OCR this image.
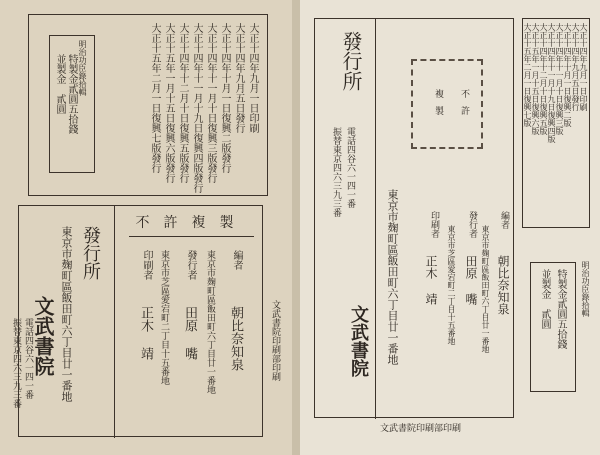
明治功臣錄拾輯
特製金貳圓五拾錢
並製金　貳圓	大正十四年九月一日印刷
大正十四年九月五日發行
大正十四年十月一日復興二版發行
大正十四年十一月十日復興三版發行
大正十四年十一月十九日復興四版發行
大正十四年十二月十日復興五版發行
大正十五年一月十五日復興六版發行
大正十五年二月一日復興七版發行
發行所
東京市麹町區飯田町六丁目廿一番地
文武書院
電話四谷六一四一番
振替東京四六三九三番
不許複製
編者
朝比奈知泉
東京市麹町區飯田町六丁目廿一番地
發行者
田原 嘴
東京市芝區愛宕町二丁目十五番地
印刷者
正木 靖	文武書院印刷部印刷
發行所
電話四谷六一四一番
振替東京四六三九三番
東京市麹町區飯田町六丁目廿一番地
文武書院
不許
複製
編者
朝比奈知泉
東京市麹町區飯田町六丁目廿一番地
發行者
田原 嘴
東京市芝區愛宕町二丁目十五番地
印刷者
正木 靖
文武書院印刷部印刷
大正十四年九月一日印刷
大正十四年九月五日發行
大正十四年十月一日復興二版
大正十四年十一月十日復興三版
大正十四年十一月十九日復興四版
大正十四年十二月十日復興五版
大正十五年一月十五日復興六版
大正十五年二月一日復興七版
明治功臣錄拾輯
特製金貳圓五拾錢
並製金　貳圓
